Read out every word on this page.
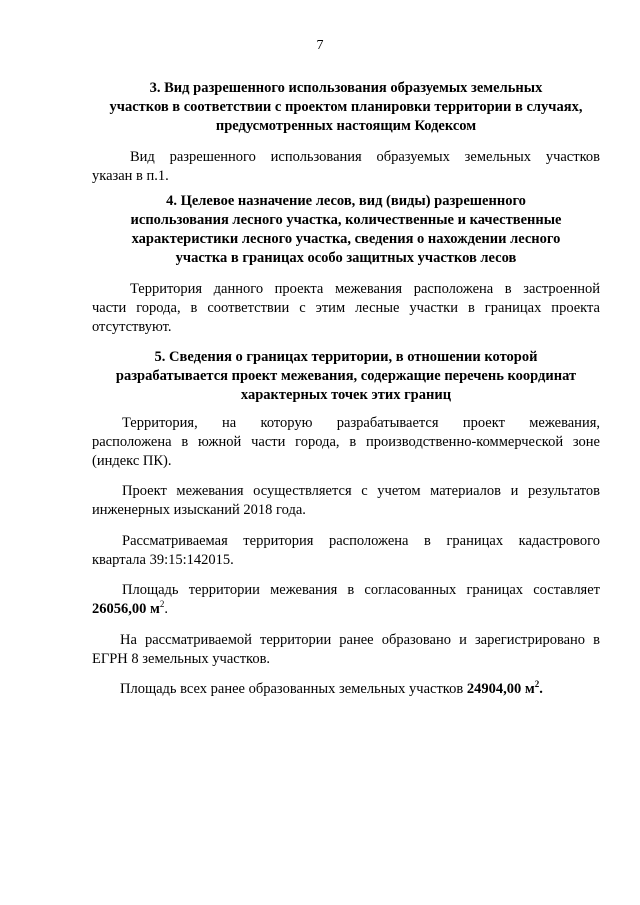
7
3. Вид разрешенного использования образуемых земельных
участков в соответствии с проектом планировки территории в случаях,
предусмотренных настоящим Кодексом
Вид разрешенного использования образуемых земельных участков
указан в п.1.
4. Целевое назначение лесов, вид (виды) разрешенного
использования лесного участка, количественные и качественные
характеристики лесного участка, сведения о нахождении лесного
участка в границах особо защитных участков лесов
Территория данного проекта межевания расположена в застроенной
части города, в соответствии с этим лесные участки в границах проекта
отсутствуют.
5. Сведения о границах территории, в отношении которой
разрабатывается проект межевания, содержащие перечень координат
характерных точек этих границ
Территория, на которую разрабатывается проект межевания,
расположена в южной части города, в производственно-коммерческой зоне
(индекс ПК).
Проект межевания осуществляется с учетом материалов и результатов
инженерных изысканий 2018 года.
Рассматриваемая территория расположена в границах кадастрового
квартала 39:15:142015.
Площадь территории межевания в согласованных границах составляет
26056,00 $м^2$.
На рассматриваемой территории ранее образовано и зарегистрировано в
ЕГРН 8 земельных участков.
Площадь всех ранее образованных земельных участков 24904,00 $м^2$.
